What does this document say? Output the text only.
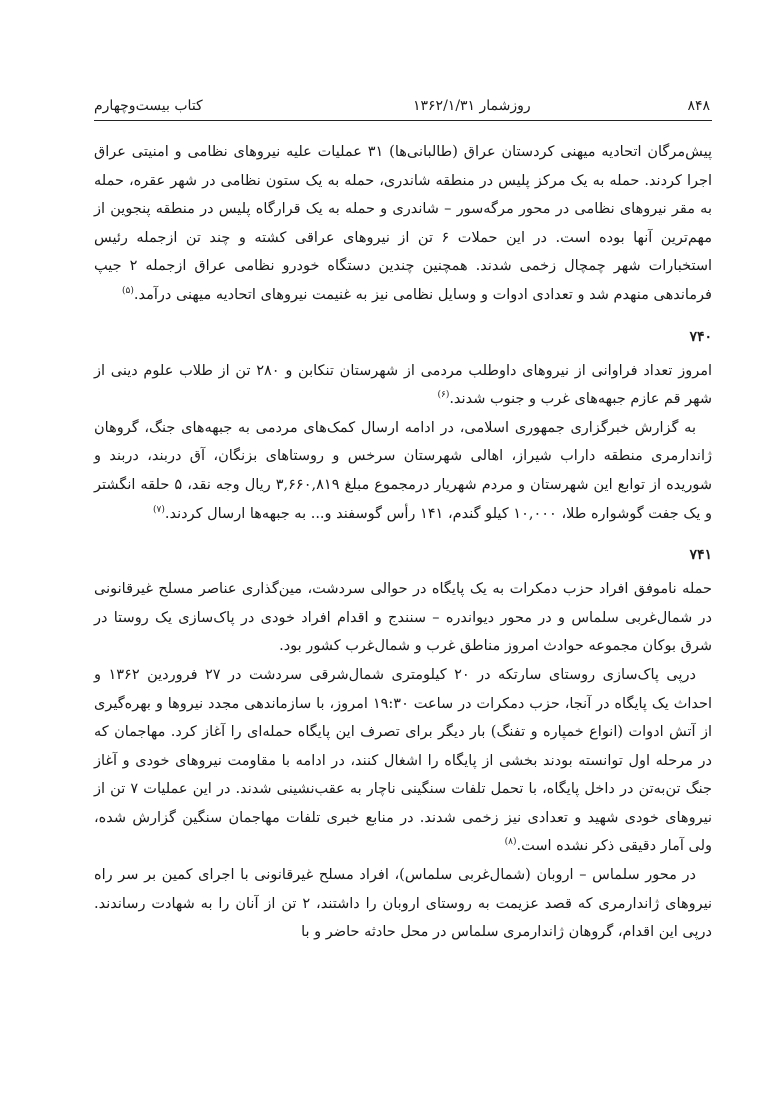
کتاب بیست‌وچهارم	روزشمار ۱۳۶۲/۱/۳۱	۸۴۸

پیش‌مرگان اتحادیه میهنی کردستان عراق (طالبانی‌ها) ۳۱ عملیات علیه نیروهای نظامی و امنیتی عراق اجرا کردند. حمله به یک مرکز پلیس در منطقه شاندری، حمله به یک ستون نظامی در شهر عقره، حمله به مقر نیروهای نظامی در محور مرگه‌سور – شاندری و حمله به یک قرارگاه پلیس در منطقه پنجوین از مهم‌ترین آنها بوده است. در این حملات ۶ تن از نیروهای عراقی کشته و چند تن ازجمله رئیس استخبارات شهر چمچال زخمی شدند. همچنین چندین دستگاه خودرو نظامی عراق ازجمله ۲ جیپ فرماندهی منهدم شد و تعدادی ادوات و وسایل نظامی نیز به غنیمت نیروهای اتحادیه میهنی درآمد.$^{(۵)}$

۷۴۰

امروز تعداد فراوانی از نیروهای داوطلب مردمی از شهرستان تنکابن و ۲۸۰ تن از طلاب علوم دینی از شهر قم عازم جبهه‌های غرب و جنوب شدند.$^{(۶)}$

به گزارش خبرگزاری جمهوری اسلامی، در ادامه ارسال کمک‌های مردمی به جبهه‌های جنگ، گروهان ژاندارمری منطقه داراب شیراز، اهالی شهرستان سرخس و روستاهای بزنگان، آق دربند، دربند و شوریده از توابع این شهرستان و مردم شهریار درمجموع مبلغ ۳,۶۶۰,۸۱۹ ریال وجه نقد، ۵ حلقه انگشتر و یک جفت گوشواره طلا، ۱۰,۰۰۰ کیلو گندم، ۱۴۱ رأس گوسفند و... به جبهه‌ها ارسال کردند.$^{(۷)}$

۷۴۱

حمله ناموفق افراد حزب دمکرات به یک پایگاه در حوالی سردشت، مین‌گذاری عناصر مسلح غیرقانونی در شمال‌غربی سلماس و در محور دیواندره – سنندج و اقدام افراد خودی در پاک‌سازی یک روستا در شرق بوکان مجموعه حوادث امروز مناطق غرب و شمال‌غرب کشور بود.

درپی پاک‌سازی روستای سارتکه در ۲۰ کیلومتری شمال‌شرقی سردشت در ۲۷ فروردین ۱۳۶۲ و احداث یک پایگاه در آنجا، حزب دمکرات در ساعت ۱۹:۳۰ امروز، با سازماندهی مجدد نیروها و بهره‌گیری از آتش ادوات (انواع خمپاره و تفنگ) بار دیگر برای تصرف این پایگاه حمله‌ای را آغاز کرد. مهاجمان که در مرحله اول توانسته بودند بخشی از پایگاه را اشغال کنند، در ادامه با مقاومت نیروهای خودی و آغاز جنگ تن‌به‌تن در داخل پایگاه، با تحمل تلفات سنگینی ناچار به عقب‌نشینی شدند. در این عملیات ۷ تن از نیروهای خودی شهید و تعدادی نیز زخمی شدند. در منابع خبری تلفات مهاجمان سنگین گزارش شده، ولی آمار دقیقی ذکر نشده است.$^{(۸)}$

در محور سلماس – اروبان (شمال‌غربی سلماس)، افراد مسلح غیرقانونی با اجرای کمین بر سر راه نیروهای ژاندارمری که قصد عزیمت به روستای اروبان را داشتند، ۲ تن از آنان را به شهادت رساندند. درپی این اقدام، گروهان ژاندارمری سلماس در محل حادثه حاضر و با
